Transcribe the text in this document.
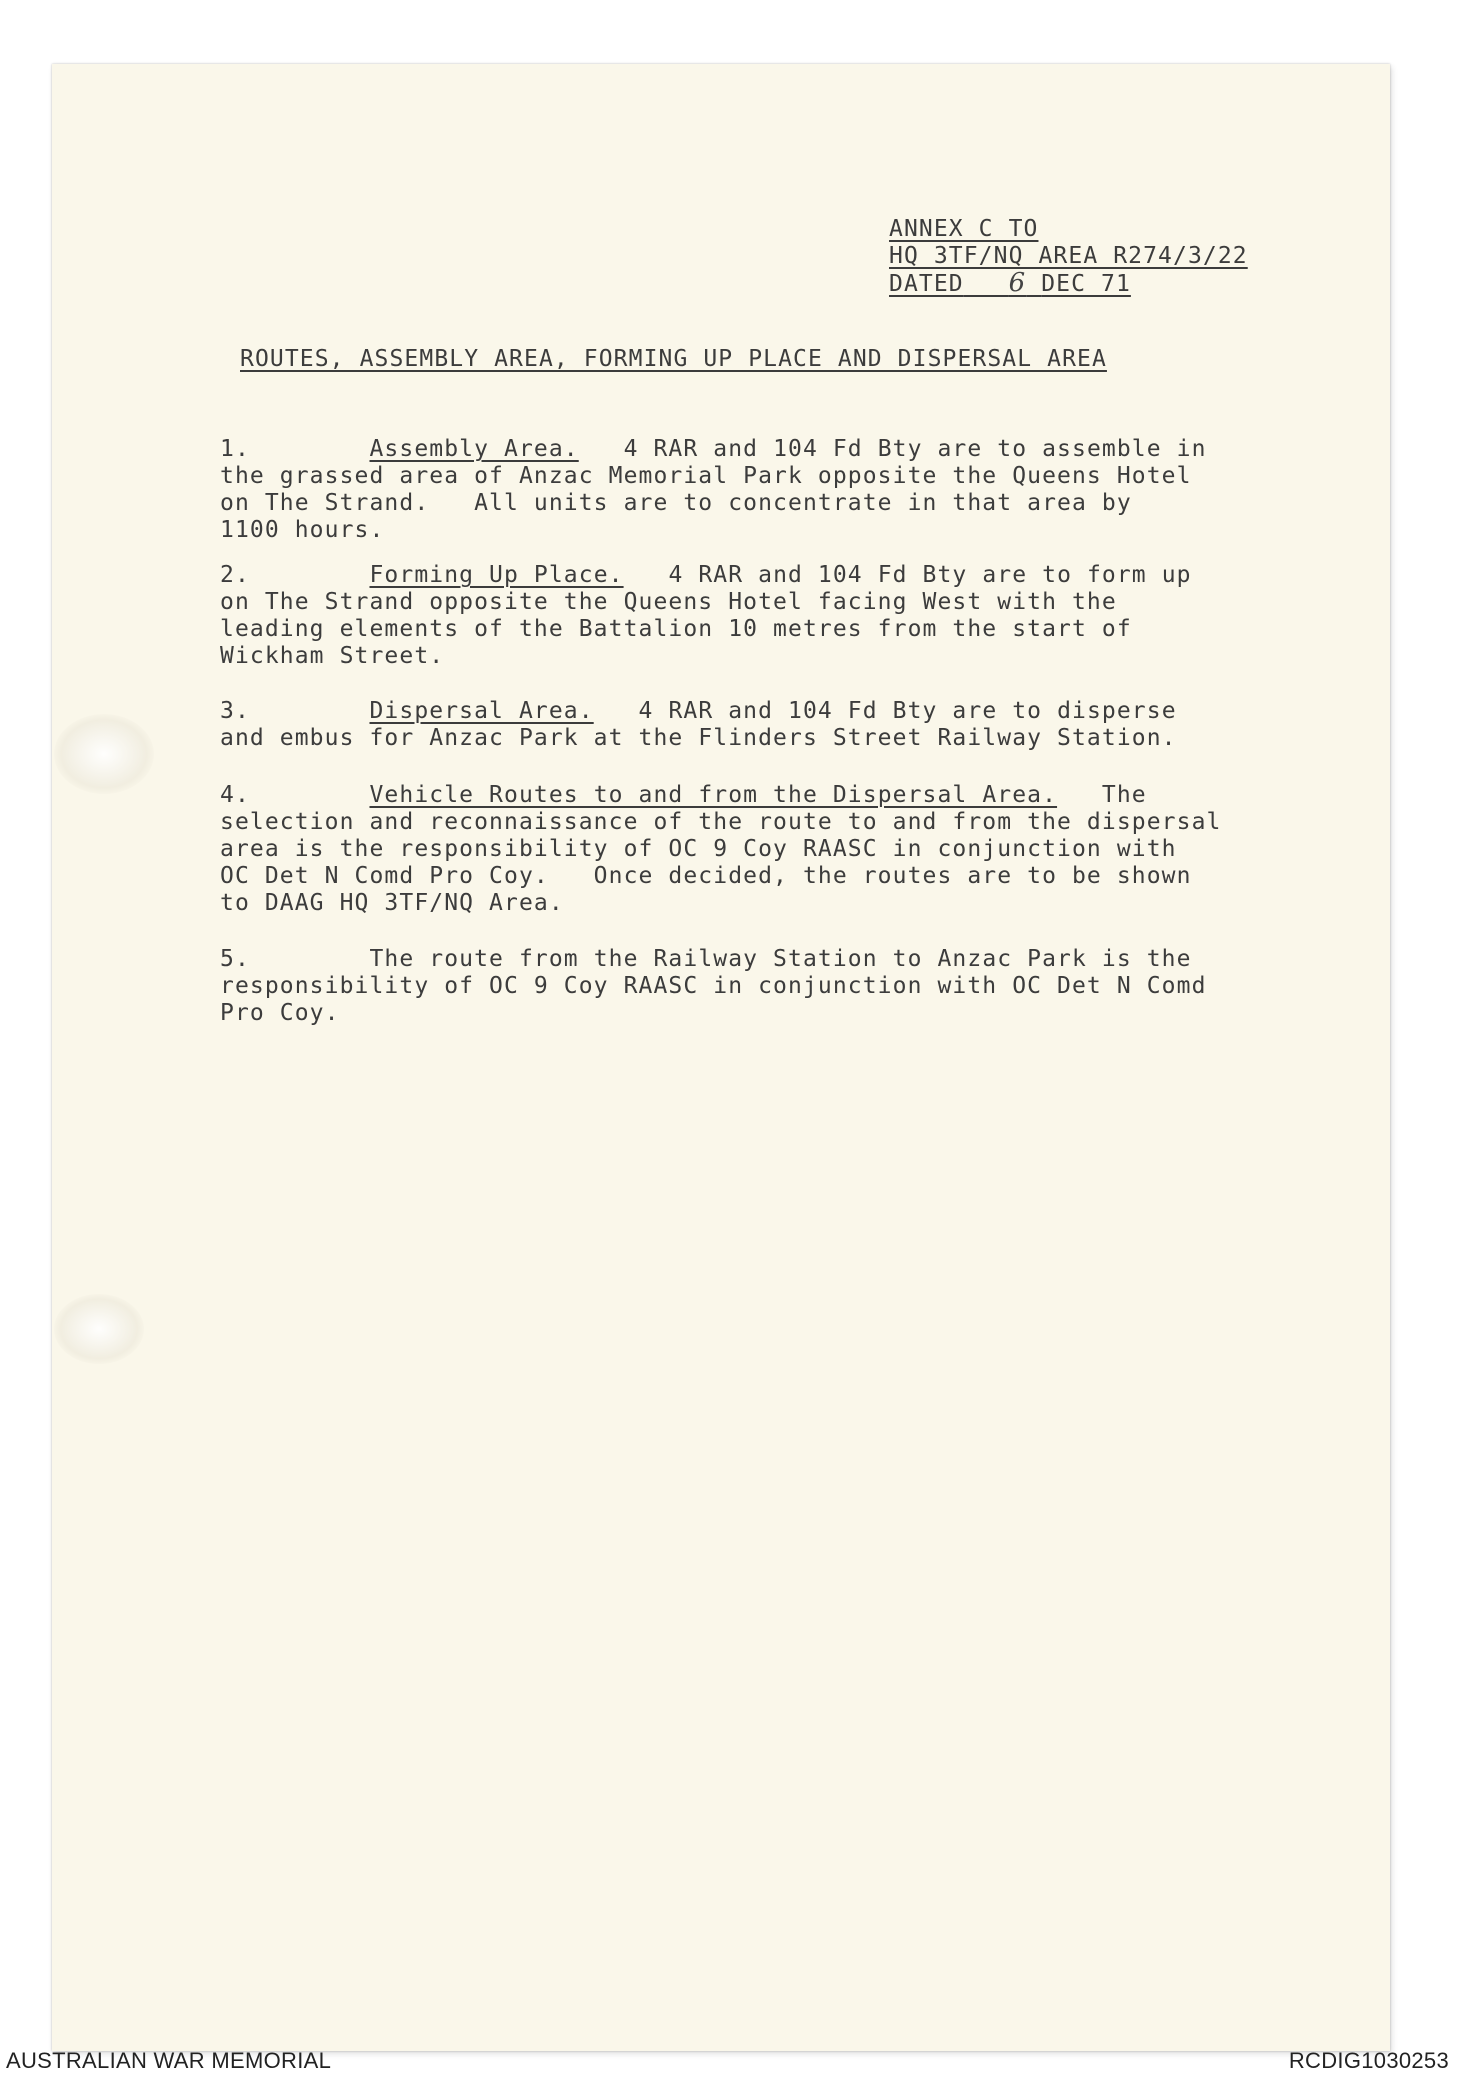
ANNEX C TO
HQ 3TF/NQ AREA R274/3/22
DATED 6 DEC 71
ROUTES, ASSEMBLY AREA, FORMING UP PLACE AND DISPERSAL AREA
1.	Assembly Area. 4 RAR and 104 Fd Bty are to assemble in
the grassed area of Anzac Memorial Park opposite the Queens Hotel
on The Strand.   All units are to concentrate in that area by
1100 hours.
2.	Forming Up Place. 4 RAR and 104 Fd Bty are to form up
on The Strand opposite the Queens Hotel facing West with the
leading elements of the Battalion 10 metres from the start of
Wickham Street.
3.	Dispersal Area. 4 RAR and 104 Fd Bty are to disperse
and embus for Anzac Park at the Flinders Street Railway Station.
4.	Vehicle Routes to and from the Dispersal Area. The
selection and reconnaissance of the route to and from the dispersal
area is the responsibility of OC 9 Coy RAASC in conjunction with
OC Det N Comd Pro Coy.   Once decided, the routes are to be shown
to DAAG HQ 3TF/NQ Area.
5.	The route from the Railway Station to Anzac Park is the
responsibility of OC 9 Coy RAASC in conjunction with OC Det N Comd
Pro Coy.
AUSTRALIAN WAR MEMORIAL	RCDIG1030253
